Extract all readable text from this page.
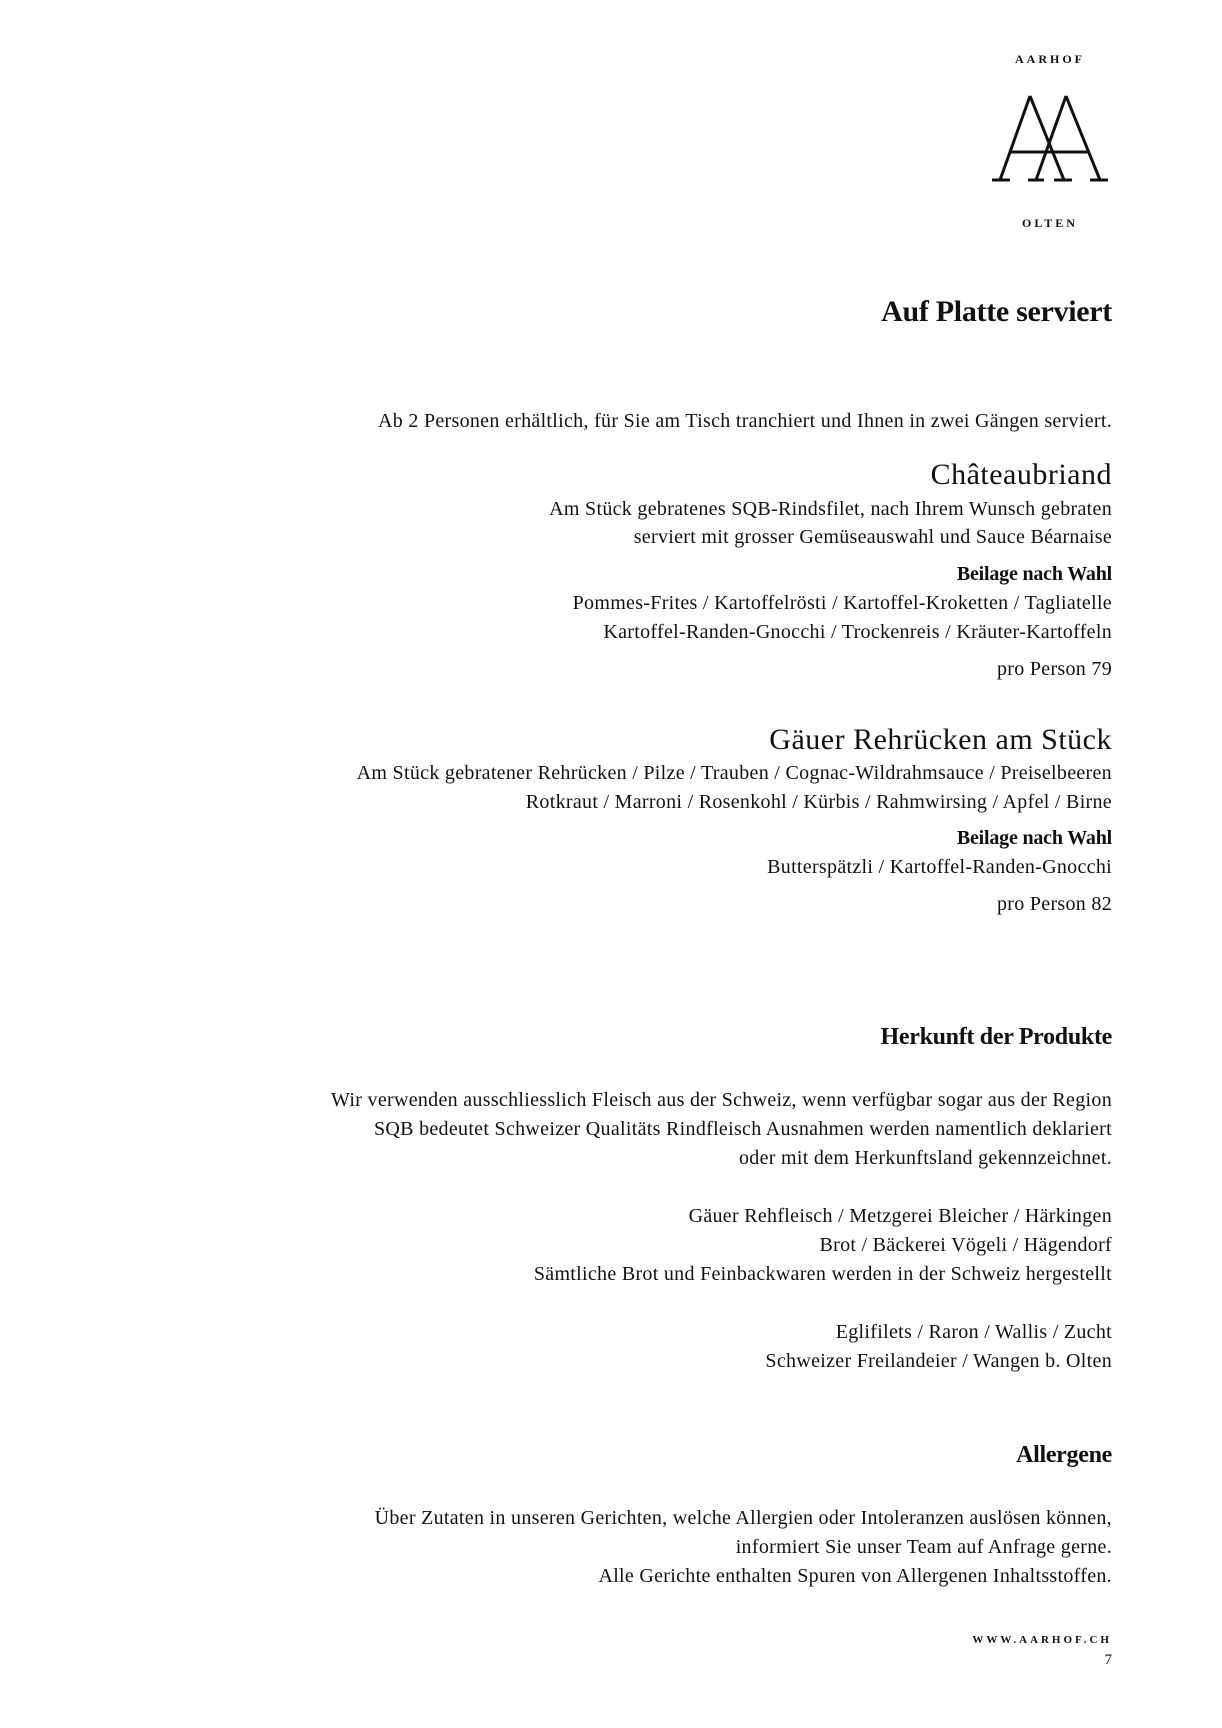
AARHOF
OLTEN
Auf Platte serviert

Ab 2 Personen erhältlich, für Sie am Tisch tranchiert und Ihnen in zwei Gängen serviert.

Châteaubriand

Am Stück gebratenes SQB-Rindsfilet, nach Ihrem Wunsch gebraten

serviert mit grosser Gemüseauswahl und Sauce Béarnaise

Beilage nach Wahl

Pommes-Frites / Kartoffelrösti / Kartoffel-Kroketten / Tagliatelle

Kartoffel-Randen-Gnocchi / Trockenreis / Kräuter-Kartoffeln

pro Person 79

Gäuer Rehrücken am Stück

Am Stück gebratener Rehrücken / Pilze / Trauben / Cognac-Wildrahmsauce / Preiselbeeren

Rotkraut / Marroni / Rosenkohl / Kürbis / Rahmwirsing / Apfel / Birne

Beilage nach Wahl

Butterspätzli / Kartoffel-Randen-Gnocchi

pro Person 82

Herkunft der Produkte

Wir verwenden ausschliesslich Fleisch aus der Schweiz, wenn verfügbar sogar aus der Region

SQB bedeutet Schweizer Qualitäts Rindfleisch Ausnahmen werden namentlich deklariert

oder mit dem Herkunftsland gekennzeichnet.

Gäuer Rehfleisch / Metzgerei Bleicher / Härkingen

Brot / Bäckerei Vögeli / Hägendorf

Sämtliche Brot und Feinbackwaren werden in der Schweiz hergestellt

Eglifilets / Raron / Wallis / Zucht

Schweizer Freilandeier / Wangen b. Olten

Allergene

Über Zutaten in unseren Gerichten, welche Allergien oder Intoleranzen auslösen können,

informiert Sie unser Team auf Anfrage gerne.

Alle Gerichte enthalten Spuren von Allergenen Inhaltsstoffen.

WWW.AARHOF.CH
7
